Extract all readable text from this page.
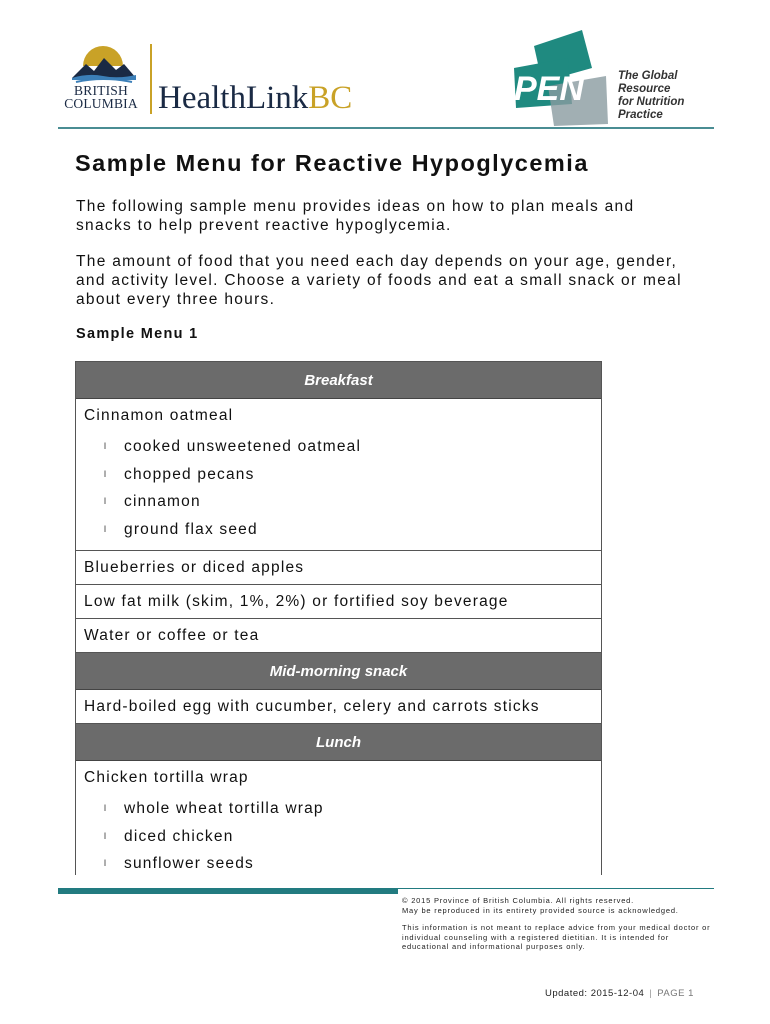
BRITISH
COLUMBIA HealthLinkBC	PEN	The Global Resource
for Nutrition Practice
Sample Menu for Reactive Hypoglycemia

The following sample menu provides ideas on how to plan meals and snacks to help prevent reactive hypoglycemia.

The amount of food that you need each day depends on your age, gender, and activity level. Choose a variety of foods and eat a small snack or meal about every three hours.

Sample Menu 1
Breakfast
Cinnamon oatmeal
l	cooked unsweetened oatmeal
l	chopped pecans
l	cinnamon
l	ground flax seed
Blueberries or diced apples
Low fat milk (skim, 1%, 2%) or fortified soy beverage
Water or coffee or tea
Mid-morning snack
Hard-boiled egg with cucumber, celery and carrots sticks
Lunch
Chicken tortilla wrap
l	whole wheat tortilla wrap
l	diced chicken
l	sunflower seeds
© 2015 Province of British Columbia. All rights reserved.
May be reproduced in its entirety provided source is acknowledged.
This information is not meant to replace advice from your medical doctor or individual counseling with a registered dietitian. It is intended for educational and informational purposes only.
Updated: 2015-12-04 | PAGE 1
